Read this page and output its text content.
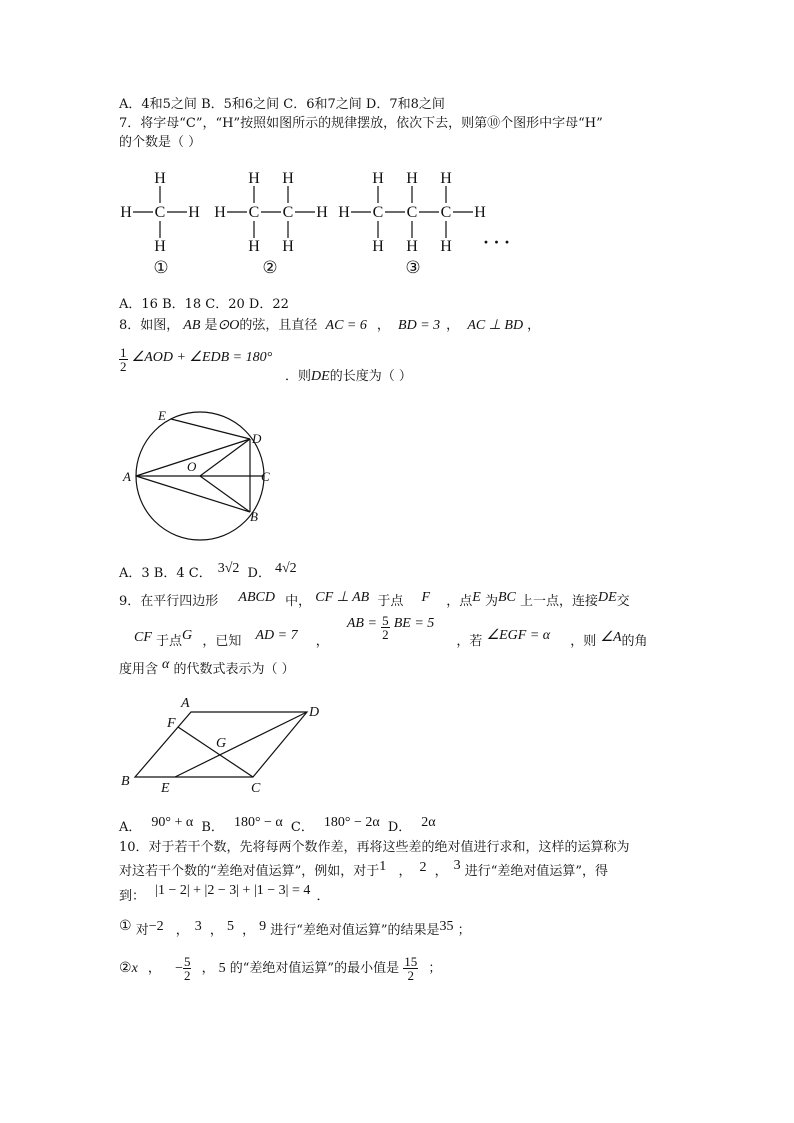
A．4和5之间 B．5和6之间 C．6和7之间 D．7和8之间
7．将字母“C”，“H”按照如图所示的规律摆放，依次下去，则第⑩个图形中字母“H”
的个数是（ ）
H C
H
H
H H C
H
H
C
H
H
H H C
H
H
C
H
H
C
H
H
H
①	②	③
· · ·
A．16 B．18 C．20 D．22
8．如图， AB 是⊙O的弦，且直径 AC = 6 ， BD = 3 ， AC ⊥ BD ，
$\frac{1}{2}$ ∠AOD + ∠EDB = 180°
．则DE的长度为（ ）
E
D
A
O
C
B
A．3 B．4 C． 3√2 D． 4√2
9．在平行四边形 ABCD 中， CF ⊥ AB 于点 F ，点E 为BC 上一点，连接DE交
CF 于点G ，已知 AD = 7 ， AB = $\frac{5}{2}$ BE = 5 ，若 ∠EGF = α ，则 ∠A的角
度用含 α 的代数式表示为（ ）
A
D
F
G
B E	C
A． 90° + α B． 180° − α C． 180° − 2α D． 2α
10．对于若干个数，先将每两个数作差，再将这些差的绝对值进行求和，这样的运算称为
对这若干个数的“差绝对值运算”，例如，对于1 ， 2 ， 3 进行“差绝对值运算”，得
到： |1 − 2| + |2 − 3| + |1 − 3| = 4 ．
① 对−2 ， 3 ， 5 ， 9 进行“差绝对值运算”的结果是35 ；
②x ， − $\frac{5}{2}$ ， 5 的“差绝对值运算”的最小值是 $\frac{15}{2}$ ；
